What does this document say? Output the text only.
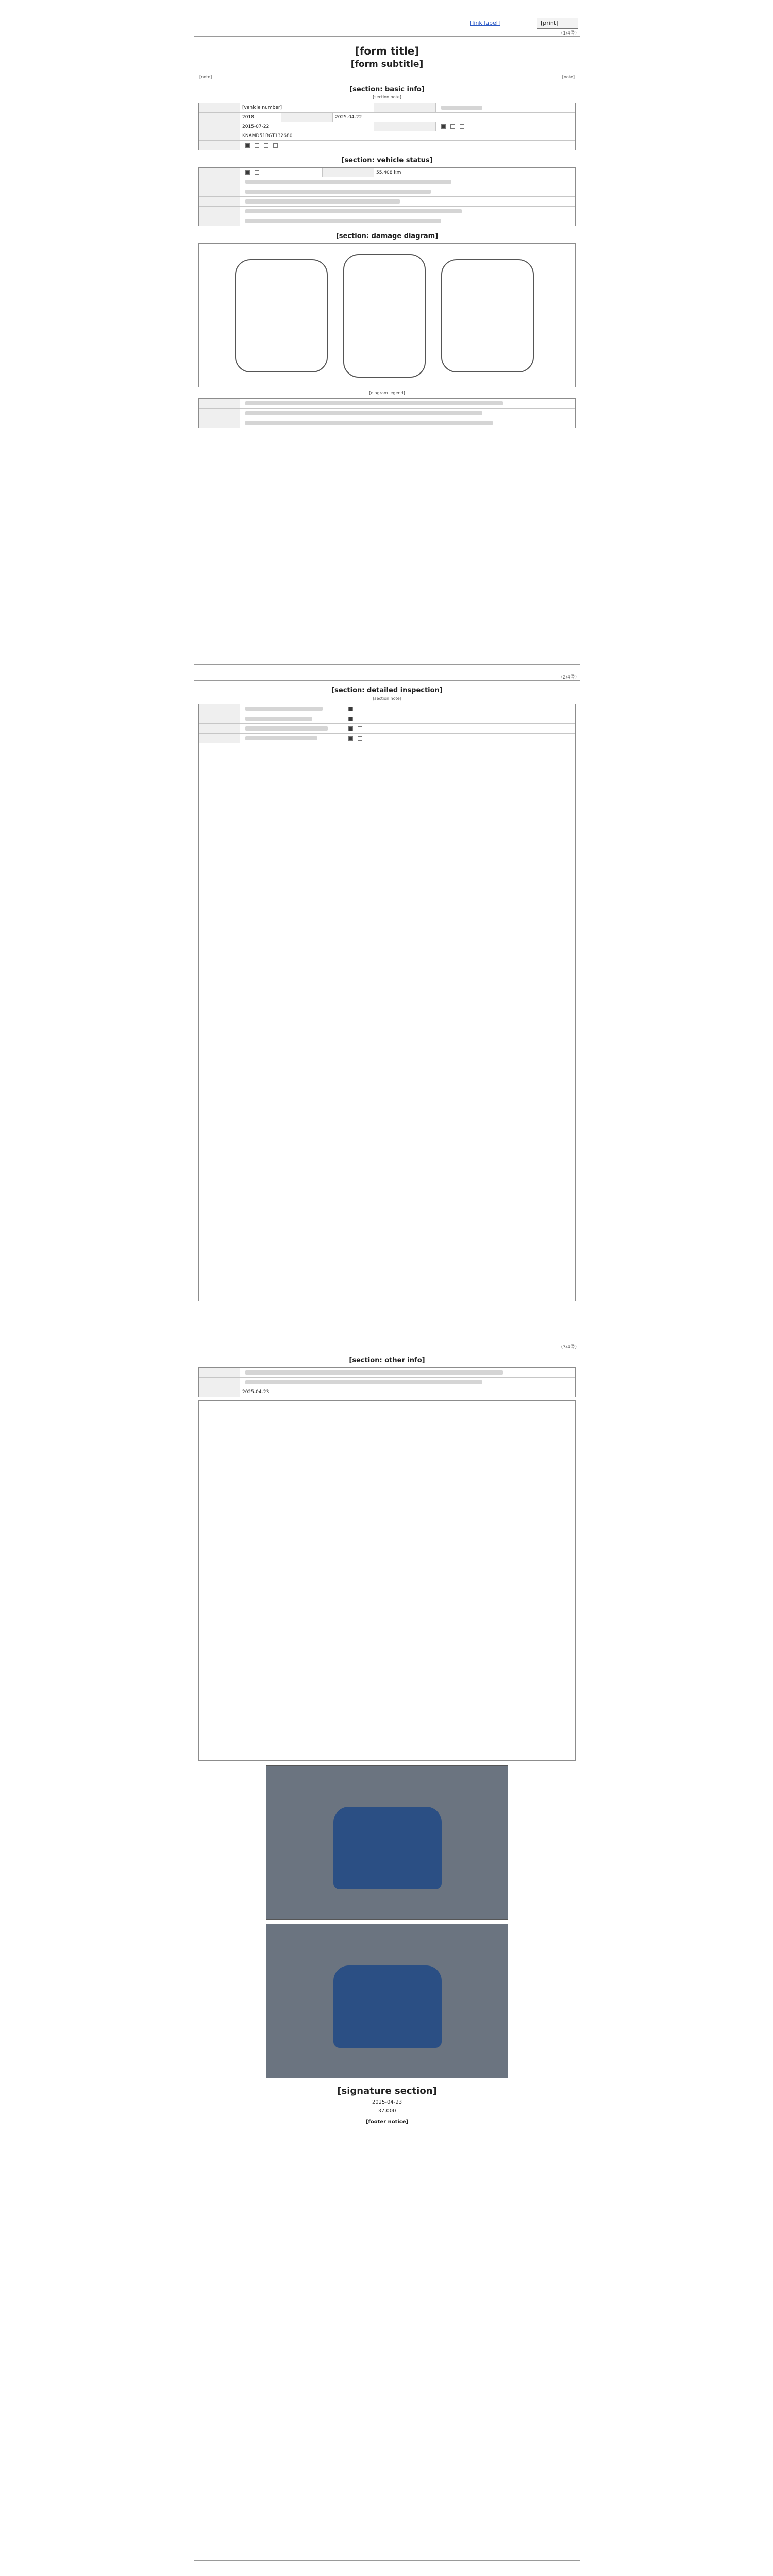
[link label]	[print]
(1/4쪽)
[form title]
[form subtitle]
[note]	[note]
[section: basic info]
[section note]
[vehicle number]
2018	2025-04-22
2015-07-22
KNAMD51BGT132680
[section: vehicle status]
55,408 km
[section: damage diagram]
[diagram legend]
(2/4쪽)
[section: detailed inspection]
[section note]
(3/4쪽)
[section: other info]
2025-04-23
[signature section]
2025-04-23
37,000
[footer notice]
